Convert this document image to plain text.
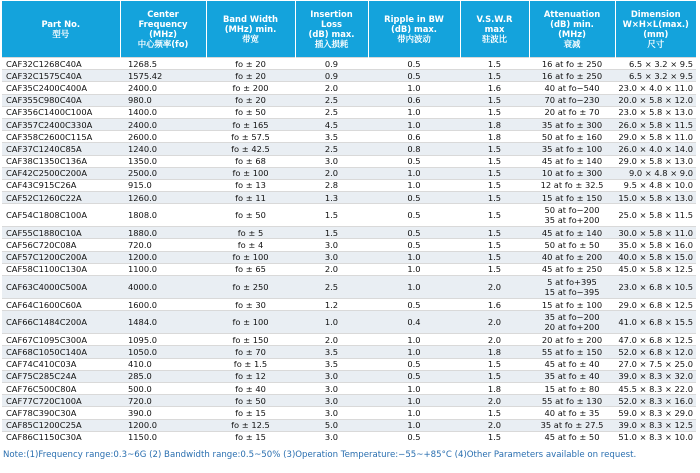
Part No.
型号	Center
Frequency
(MHz)
中心频率(fo)	Band Width
(MHz) min.
带宽	Insertion
Loss
(dB) max.
插入损耗	Ripple in BW
(dB) max.
带内波动	V.S.W.R
max
驻波比	Attenuation
(dB) min.
(MHz)
衰减	Dimension
W×H×L(max.)
(mm)
尺寸

CAF32C1268C40A	1268.5	fo ± 20	0.9	0.5	1.5	16 at fo ± 250	6.5 × 3.2 × 9.5
CAF32C1575C40A	1575.42	fo ± 20	0.9	0.5	1.5	16 at fo ± 250	6.5 × 3.2 × 9.5
CAF35C2400C400A	2400.0	fo ± 200	2.0	1.0	1.6	40 at fo−540	23.0 × 4.0 × 11.0
CAF355C980C40A	980.0	fo ± 20	2.5	0.6	1.5	70 at fo−230	20.0 × 5.8 × 12.0
CAF356C1400C100A	1400.0	fo ± 50	2.5	1.0	1.5	20 at fo ± 70	23.0 × 5.8 × 13.0
CAF357C2400C330A	2400.0	fo ± 165	4.5	1.0	1.8	35 at fo ± 300	26.0 × 5.8 × 11.5
CAF358C2600C115A	2600.0	fo ± 57.5	3.5	0.6	1.8	50 at fo ± 160	29.0 × 5.8 × 11.0
CAF37C1240C85A	1240.0	fo ± 42.5	2.5	0.8	1.5	35 at fo ± 100	26.0 × 4.0 × 14.0
CAF38C1350C136A	1350.0	fo ± 68	3.0	0.5	1.5	45 at fo ± 140	29.0 × 5.8 × 13.0
CAF42C2500C200A	2500.0	fo ± 100	2.0	1.0	1.5	10 at fo ± 300	9.0 × 4.8 × 9.0
CAF43C915C26A	915.0	fo ± 13	2.8	1.0	1.5	12 at fo ± 32.5	9.5 × 4.8 × 10.0
CAF52C1260C22A	1260.0	fo ± 11	1.3	0.5	1.5	15 at fo ± 150	15.0 × 5.8 × 13.0
CAF54C1808C100A	1808.0	fo ± 50	1.5	0.5	1.5	50 at fo−200
35 at fo+200	25.0 × 5.8 × 11.5
CAF55C1880C10A	1880.0	fo ± 5	1.5	0.5	1.5	45 at fo ± 140	30.0 × 5.8 × 11.0
CAF56C720C08A	720.0	fo ± 4	3.0	0.5	1.5	50 at fo ± 50	35.0 × 5.8 × 16.0
CAF57C1200C200A	1200.0	fo ± 100	3.0	1.0	1.5	40 at fo ± 200	40.0 × 5.8 × 15.0
CAF58C1100C130A	1100.0	fo ± 65	2.0	1.0	1.5	45 at fo ± 250	45.0 × 5.8 × 12.5
CAF63C4000C500A	4000.0	fo ± 250	2.5	1.0	2.0	5 at fo+395
15 at fo−395	23.0 × 6.8 × 10.5
CAF64C1600C60A	1600.0	fo ± 30	1.2	0.5	1.6	15 at fo ± 100	29.0 × 6.8 × 12.5
CAF66C1484C200A	1484.0	fo ± 100	1.0	0.4	2.0	35 at fo−200
20 at fo+200	41.0 × 6.8 × 15.5
CAF67C1095C300A	1095.0	fo ± 150	2.0	1.0	2.0	20 at fo ± 200	47.0 × 6.8 × 12.5
CAF68C1050C140A	1050.0	fo ± 70	3.5	1.0	1.8	55 at fo ± 150	52.0 × 6.8 × 12.0
CAF74C410C03A	410.0	fo ± 1.5	3.5	0.5	1.5	45 at fo ± 40	27.0 × 7.5 × 25.0
CAF75C285C24A	285.0	fo ± 12	3.0	0.5	1.5	35 at fo ± 40	39.0 × 8.3 × 32.0
CAF76C500C80A	500.0	fo ± 40	3.0	1.0	1.8	15 at fo ± 80	45.5 × 8.3 × 22.0
CAF77C720C100A	720.0	fo ± 50	3.0	1.0	2.0	55 at fo ± 130	52.0 × 8.3 × 16.0
CAF78C390C30A	390.0	fo ± 15	3.0	1.0	1.5	40 at fo ± 35	59.0 × 8.3 × 29.0
CAF85C1200C25A	1200.0	fo ± 12.5	5.0	1.0	2.0	35 at fo ± 27.5	39.0 × 8.3 × 12.5
CAF86C1150C30A	1150.0	fo ± 15	3.0	0.5	1.5	45 at fo ± 50	51.0 × 8.3 × 10.0
Note:(1)Frequency range:0.3~6G (2) Bandwidth range:0.5~50% (3)Operation Temperature:−55~+85°C (4)Other Parameters available on request.
